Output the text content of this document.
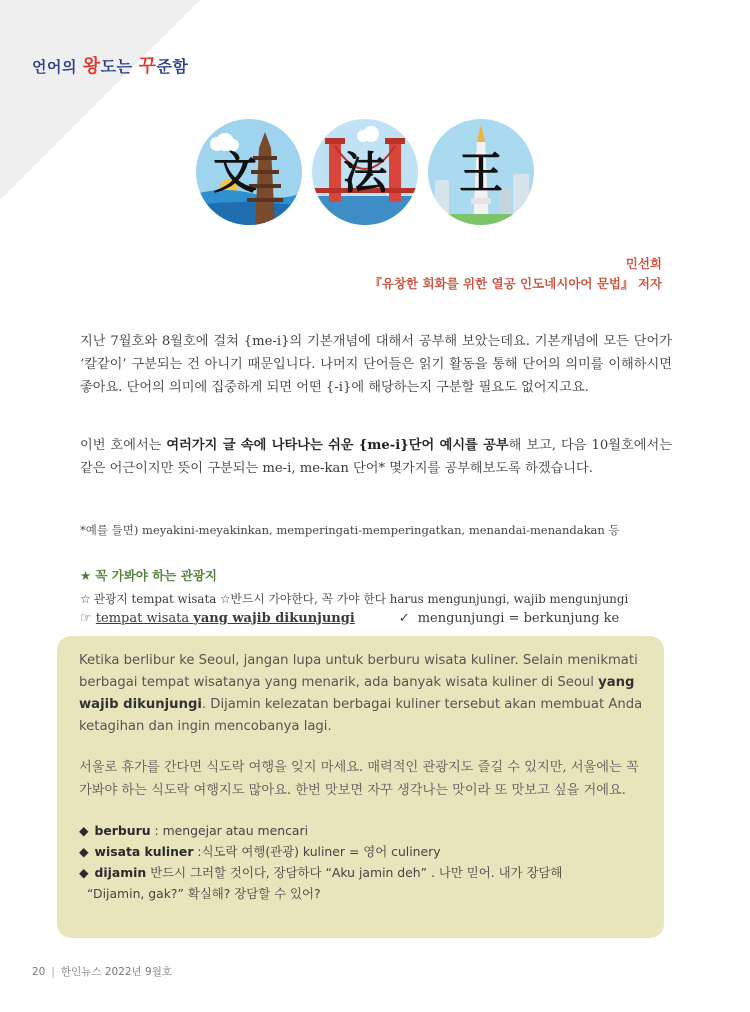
언어의 왕도는 꾸준함
文 法 王
민선희
『유창한 회화를 위한 열공 인도네시아어 문법』 저자

지난 7월호와 8월호에 걸쳐 {me-i}의 기본개념에 대해서 공부해 보았는데요. 기본개념에 모든 단어가 ‘칼같이’ 구분되는 건 아니기 때문입니다. 나머지 단어들은 읽기 활동을 통해 단어의 의미를 이해하시면 좋아요. 단어의 의미에 집중하게 되면 어떤 {-i}에 해당하는지 구분할 필요도 없어지고요.

이번 호에서는 여러가지 글 속에 나타나는 쉬운 {me-i}단어 예시를 공부해 보고, 다음 10월호에서는 같은 어근이지만 뜻이 구분되는 me-i, me-kan 단어* 몇가지를 공부해보도록 하겠습니다.

*예를 들면) meyakini-meyakinkan, memperingati-memperingatkan, menandai-menandakan 등
★ 꼭 가봐야 하는 관광지
☆ 관광지 tempat wisata ☆반드시 가야한다, 꼭 가야 한다 harus mengunjungi, wajib mengunjungi
☞ tempat wisata yang wajib dikunjungi	✓ mengunjungi = berkunjung ke

Ketika berlibur ke Seoul, jangan lupa untuk berburu wisata kuliner. Selain menikmati berbagai tempat wisatanya yang menarik, ada banyak wisata kuliner di Seoul yang wajib dikunjungi. Dijamin kelezatan berbagai kuliner tersebut akan membuat Anda ketagihan dan ingin mencobanya lagi.

서울로 휴가를 간다면 식도락 여행을 잊지 마세요. 매력적인 관광지도 즐길 수 있지만, 서울에는 꼭 가봐야 하는 식도락 여행지도 많아요. 한번 맛보면 자꾸 생각나는 맛이라 또 맛보고 싶을 거에요.

◆ berburu : mengejar atau mencari
◆ wisata kuliner :식도락 여행(관광) kuliner = 영어 culinery
◆ dijamin 반드시 그러할 것이다, 장담하다 “Aku jamin deh” . 나만 믿어. 내가 장담해
“Dijamin, gak?” 확실해? 장담할 수 있어?
20 | 한인뉴스 2022년 9월호
